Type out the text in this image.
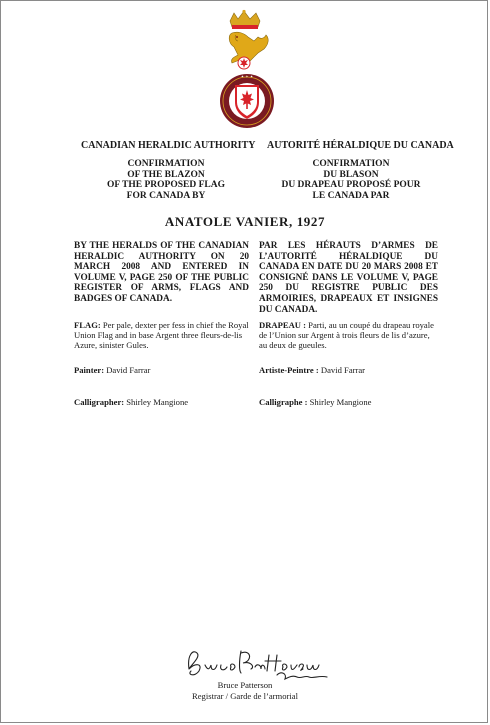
✦ ✦ ✦
CANADIAN HERALDIC AUTHORITY AUTORITÉ HÉRALDIQUE DU CANADA
CONFIRMATION
OF THE BLAZON
OF THE PROPOSED FLAG
FOR CANADA BY
CONFIRMATION
DU BLASON
DU DRAPEAU PROPOSÉ POUR
LE CANADA PAR
ANATOLE VANIER, 1927
BY THE HERALDS OF THE CANADIAN HERALDIC AUTHORITY ON 20 MARCH 2008 AND ENTERED IN VOLUME V, PAGE 250 OF THE PUBLIC REGISTER OF ARMS, FLAGS AND BADGES OF CANADA.
PAR LES HÉRAUTS D’ARMES DE L’AUTORITÉ HÉRALDIQUE DU CANADA EN DATE DU 20 MARS 2008 ET CONSIGNÉ DANS LE VOLUME V, PAGE 250 DU REGISTRE PUBLIC DES ARMOIRIES, DRAPEAUX ET INSIGNES DU CANADA.
FLAG: Per pale, dexter per fess in chief the Royal Union Flag and in base Argent three fleurs-de-lis Azure, sinister Gules.
DRAPEAU : Parti, au un coupé du drapeau royale de l’Union sur Argent à trois fleurs de lis d’azure, au deux de gueules.
Painter: David Farrar	Artiste-Peintre : David Farrar
Calligrapher: Shirley Mangione	Calligraphe : Shirley Mangione
Bruce Patterson
Registrar / Garde de l’armorial
